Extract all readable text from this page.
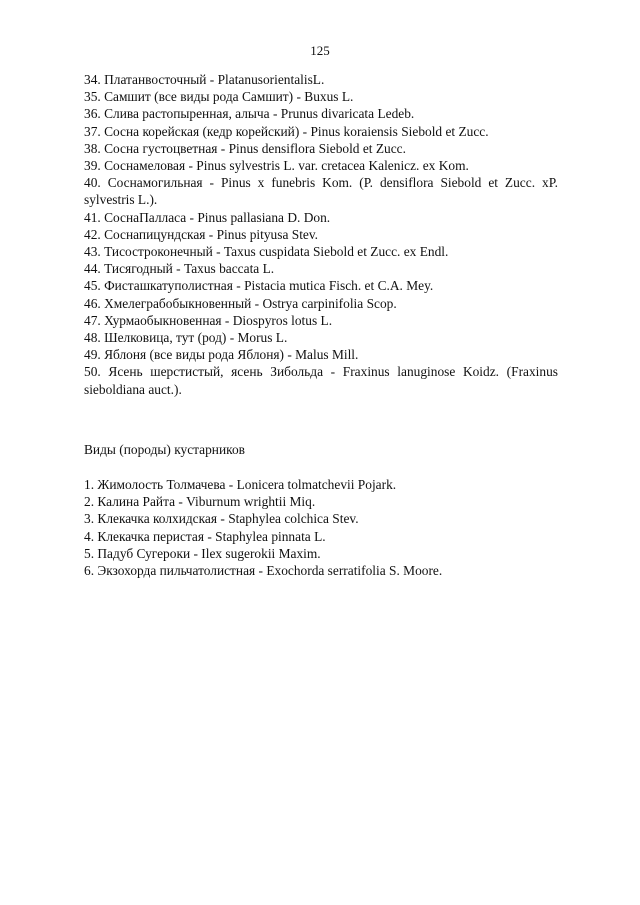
125
34. Платанвосточный - PlatanusorientalisL.
35. Самшит (все виды рода Самшит) - Buxus L.
36. Слива растопыренная, алыча - Prunus divaricata Ledeb.
37. Сосна корейская (кедр корейский) - Pinus koraiensis Siebold et Zucc.
38. Сосна густоцветная - Pinus densiflora Siebold et Zucc.
39. Соснамеловая - Pinus sylvestris L. var. cretacea Kalenicz. ex Kom.
40. Соснамогильная - Pinus x funebris Kom. (P. densiflora Siebold et Zucc. xP. sylvestris L.).
41. СоснаПалласа - Pinus pallasiana D. Don.
42. Соснапицундская - Pinus pityusa Stev.
43. Тисостроконечный - Taxus cuspidata Siebold et Zucc. ex Endl.
44. Тисягодный - Taxus baccata L.
45. Фисташкатуполистная - Pistacia mutica Fisch. et C.A. Mey.
46. Хмелеграбобыкновенный - Ostrya carpinifolia Scop.
47. Хурмаобыкновенная - Diospyros lotus L.
48. Шелковица, тут (род) - Morus L.
49. Яблоня (все виды рода Яблоня) - Malus Mill.
50. Ясень шерстистый, ясень Зибольда - Fraxinus lanuginose Koidz. (Fraxinus sieboldiana auct.).
Виды (породы) кустарников
1. Жимолость Толмачева - Lonicera tolmatchevii Pojark.
2. Калина Райта - Viburnum wrightii Miq.
3. Клекачка колхидская - Staphylea colchica Stev.
4. Клекачка перистая - Staphylea pinnata L.
5. Падуб Сугероки - Ilex sugerokii Maxim.
6. Экзохорда пильчатолистная - Exochorda serratifolia S. Moore.
